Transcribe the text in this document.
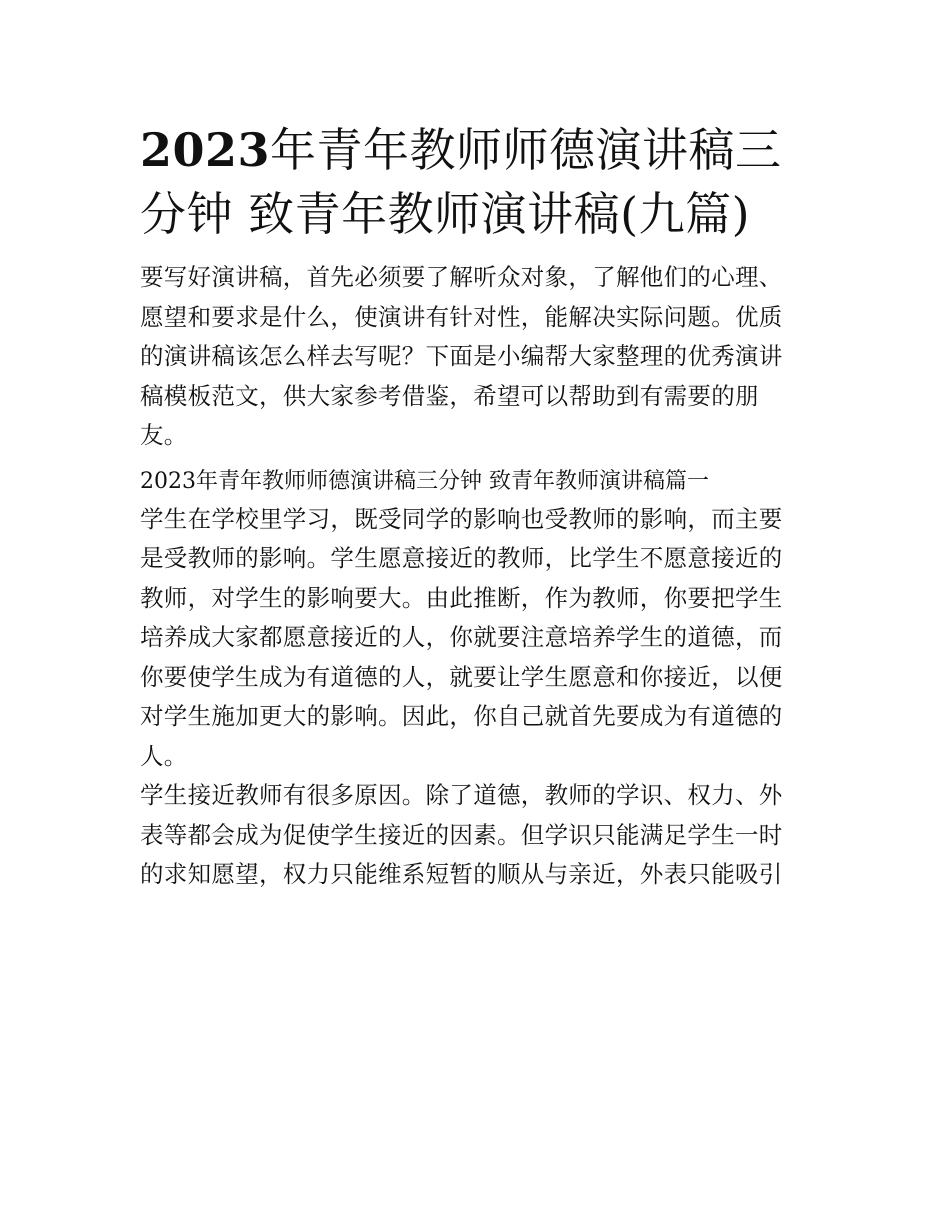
2023年青年教师师德演讲稿三
分钟 致青年教师演讲稿(九篇)
要写好演讲稿，首先必须要了解听众对象，了解他们的心理、
愿望和要求是什么，使演讲有针对性，能解决实际问题。优质
的演讲稿该怎么样去写呢？下面是小编帮大家整理的优秀演讲
稿模板范文，供大家参考借鉴，希望可以帮助到有需要的朋
友。
2023年青年教师师德演讲稿三分钟 致青年教师演讲稿篇一
学生在学校里学习，既受同学的影响也受教师的影响，而主要
是受教师的影响。学生愿意接近的教师，比学生不愿意接近的
教师，对学生的影响要大。由此推断，作为教师，你要把学生
培养成大家都愿意接近的人，你就要注意培养学生的道德，而
你要使学生成为有道德的人，就要让学生愿意和你接近，以便
对学生施加更大的影响。因此，你自己就首先要成为有道德的
人。
学生接近教师有很多原因。除了道德，教师的学识、权力、外
表等都会成为促使学生接近的因素。但学识只能满足学生一时
的求知愿望，权力只能维系短暂的顺从与亲近，外表只能吸引
